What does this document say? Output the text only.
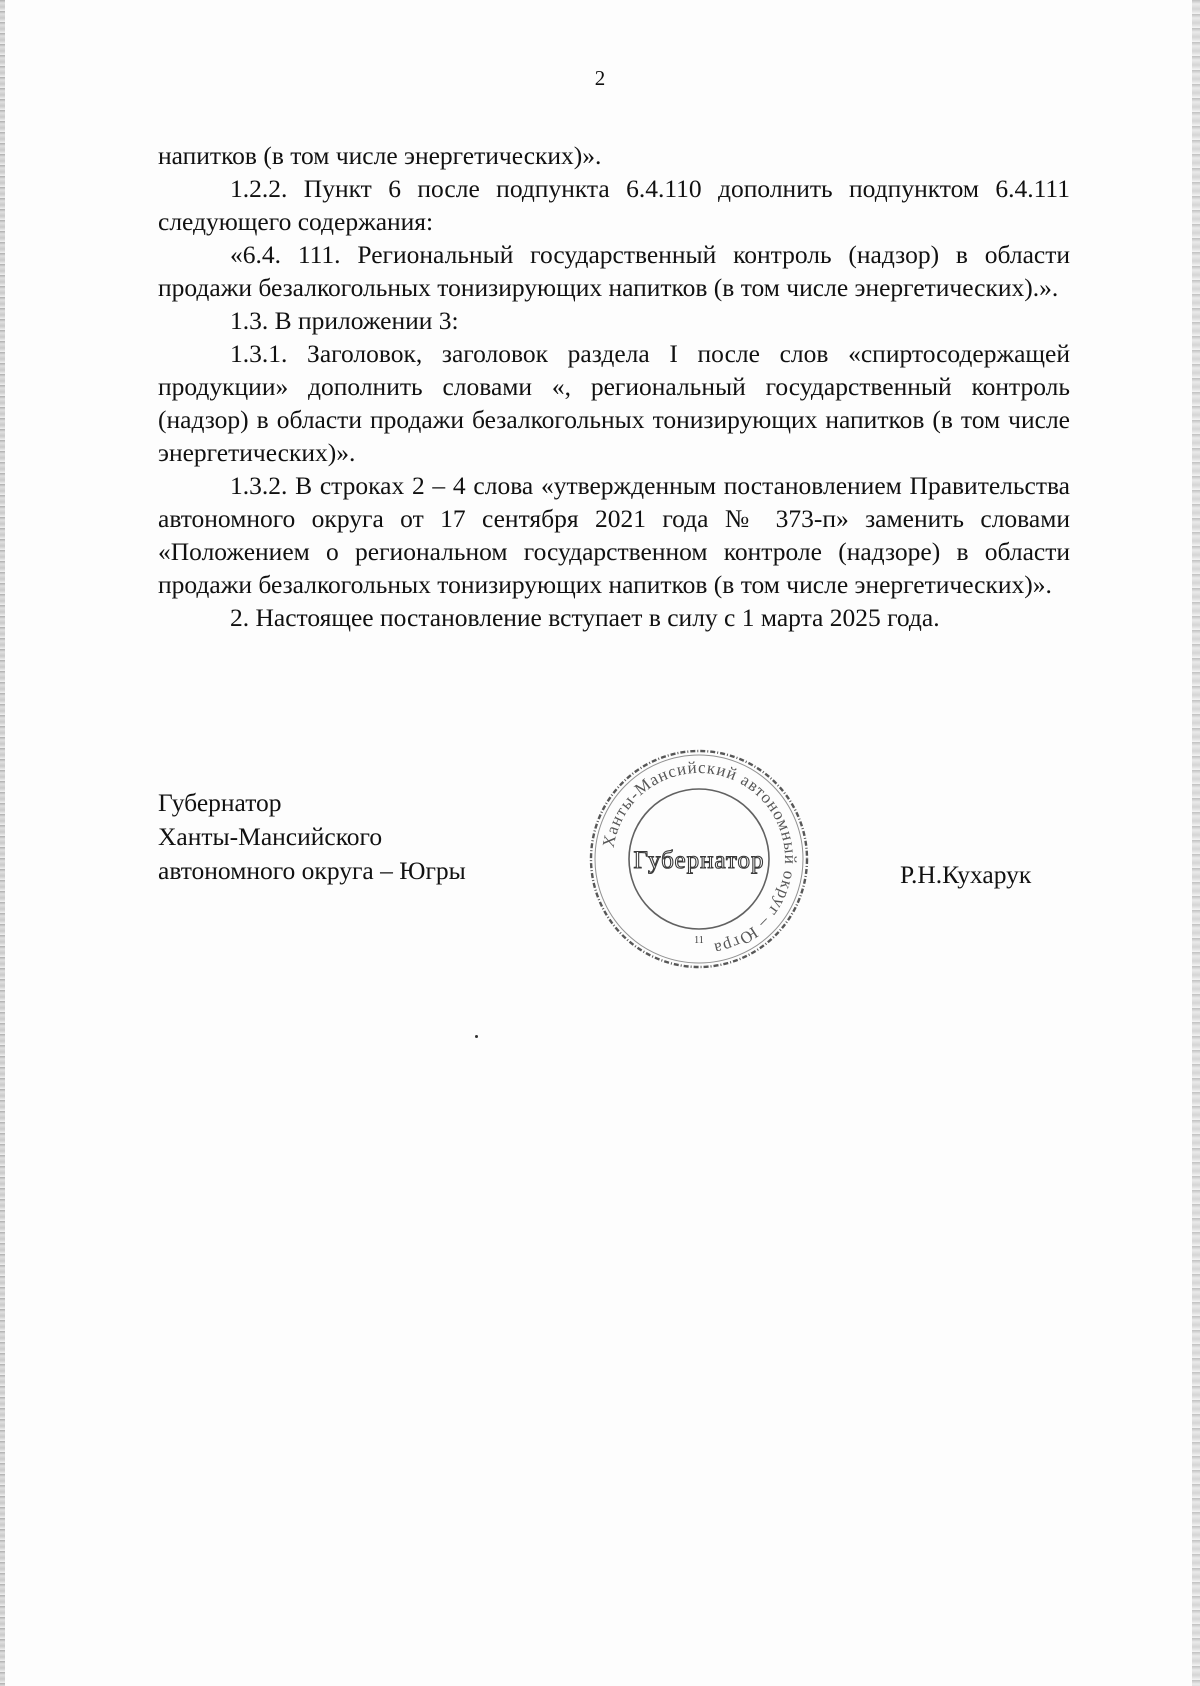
2

напитков (в том числе энергетических)».

1.2.2. Пункт 6 после подпункта 6.4.110 дополнить подпунктом 6.4.111 следующего содержания:

«6.4. 111. Региональный государственный контроль (надзор) в области продажи безалкогольных тонизирующих напитков (в том числе энергетических).».

1.3. В приложении 3:

1.3.1. Заголовок, заголовок раздела I после слов «спиртосодержащей продукции» дополнить словами «, региональный государственный контроль (надзор) в области продажи безалкогольных тонизирующих напитков (в том числе энергетических)».

1.3.2. В строках 2 – 4 слова «утвержденным постановлением Правительства автономного округа от 17 сентября 2021 года № 373-п» заменить словами «Положением о региональном государственном контроле (надзоре) в области продажи безалкогольных тонизирующих напитков (в том числе энергетических)».

2. Настоящее постановление вступает в силу с 1 марта 2025 года.

Губернатор
Ханты-Мансийского
автономного округа – Югры
Ханты-Мансийский автономный округ – Югра
Губернатор
11
Р.Н.Кухарук
